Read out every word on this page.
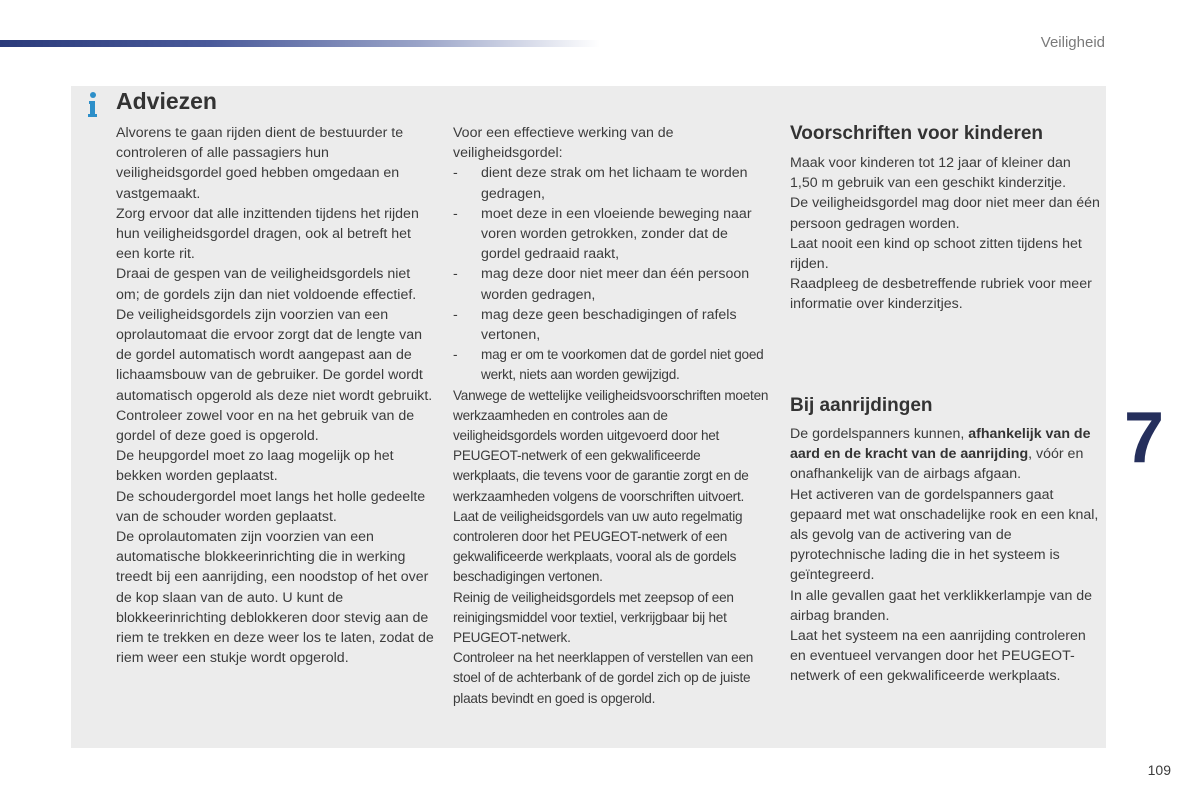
Veiligheid
Adviezen

Alvorens te gaan rijden dient de bestuurder te controleren of alle passagiers hun veiligheidsgordel goed hebben omgedaan en vastgemaakt.

Zorg ervoor dat alle inzittenden tijdens het rijden hun veiligheidsgordel dragen, ook al betreft het een korte rit.

Draai de gespen van de veiligheidsgordels niet om; de gordels zijn dan niet voldoende effectief.

De veiligheidsgordels zijn voorzien van een oprolautomaat die ervoor zorgt dat de lengte van de gordel automatisch wordt aangepast aan de lichaamsbouw van de gebruiker. De gordel wordt automatisch opgerold als deze niet wordt gebruikt.

Controleer zowel voor en na het gebruik van de gordel of deze goed is opgerold.

De heupgordel moet zo laag mogelijk op het bekken worden geplaatst.

De schoudergordel moet langs het holle gedeelte van de schouder worden geplaatst.

De oprolautomaten zijn voorzien van een automatische blokkeerinrichting die in werking treedt bij een aanrijding, een noodstop of het over de kop slaan van de auto. U kunt de blokkeerinrichting deblokkeren door stevig aan de riem te trekken en deze weer los te laten, zodat de riem weer een stukje wordt opgerold.

Voor een effectieve werking van de veiligheidsgordel:

- dient deze strak om het lichaam te worden gedragen,
- moet deze in een vloeiende beweging naar voren worden getrokken, zonder dat de gordel gedraaid raakt,
- mag deze door niet meer dan één persoon worden gedragen,
- mag deze geen beschadigingen of rafels vertonen,
- mag er om te voorkomen dat de gordel niet goed werkt, niets aan worden gewijzigd.

Vanwege de wettelijke veiligheidsvoorschriften moeten werkzaamheden en controles aan de veiligheidsgordels worden uitgevoerd door het PEUGEOT-netwerk of een gekwalificeerde werkplaats, die tevens voor de garantie zorgt en de werkzaamheden volgens de voorschriften uitvoert.

Laat de veiligheidsgordels van uw auto regelmatig controleren door het PEUGEOT-netwerk of een gekwalificeerde werkplaats, vooral als de gordels beschadigingen vertonen.

Reinig de veiligheidsgordels met zeepsop of een reinigingsmiddel voor textiel, verkrijgbaar bij het PEUGEOT-netwerk.

Controleer na het neerklappen of verstellen van een stoel of de achterbank of de gordel zich op de juiste plaats bevindt en goed is opgerold.

Voorschriften voor kinderen

Maak voor kinderen tot 12 jaar of kleiner dan 1,50 m gebruik van een geschikt kinderzitje.

De veiligheidsgordel mag door niet meer dan één persoon gedragen worden.

Laat nooit een kind op schoot zitten tijdens het rijden.

Raadpleeg de desbetreffende rubriek voor meer informatie over kinderzitjes.

Bij aanrijdingen

De gordelspanners kunnen, afhankelijk van de aard en de kracht van de aanrijding, vóór en onafhankelijk van de airbags afgaan.

Het activeren van de gordelspanners gaat gepaard met wat onschadelijke rook en een knal, als gevolg van de activering van de pyrotechnische lading die in het systeem is geïntegreerd.

In alle gevallen gaat het verklikkerlampje van de airbag branden.

Laat het systeem na een aanrijding controleren en eventueel vervangen door het PEUGEOT-netwerk of een gekwalificeerde werkplaats.

7
109
